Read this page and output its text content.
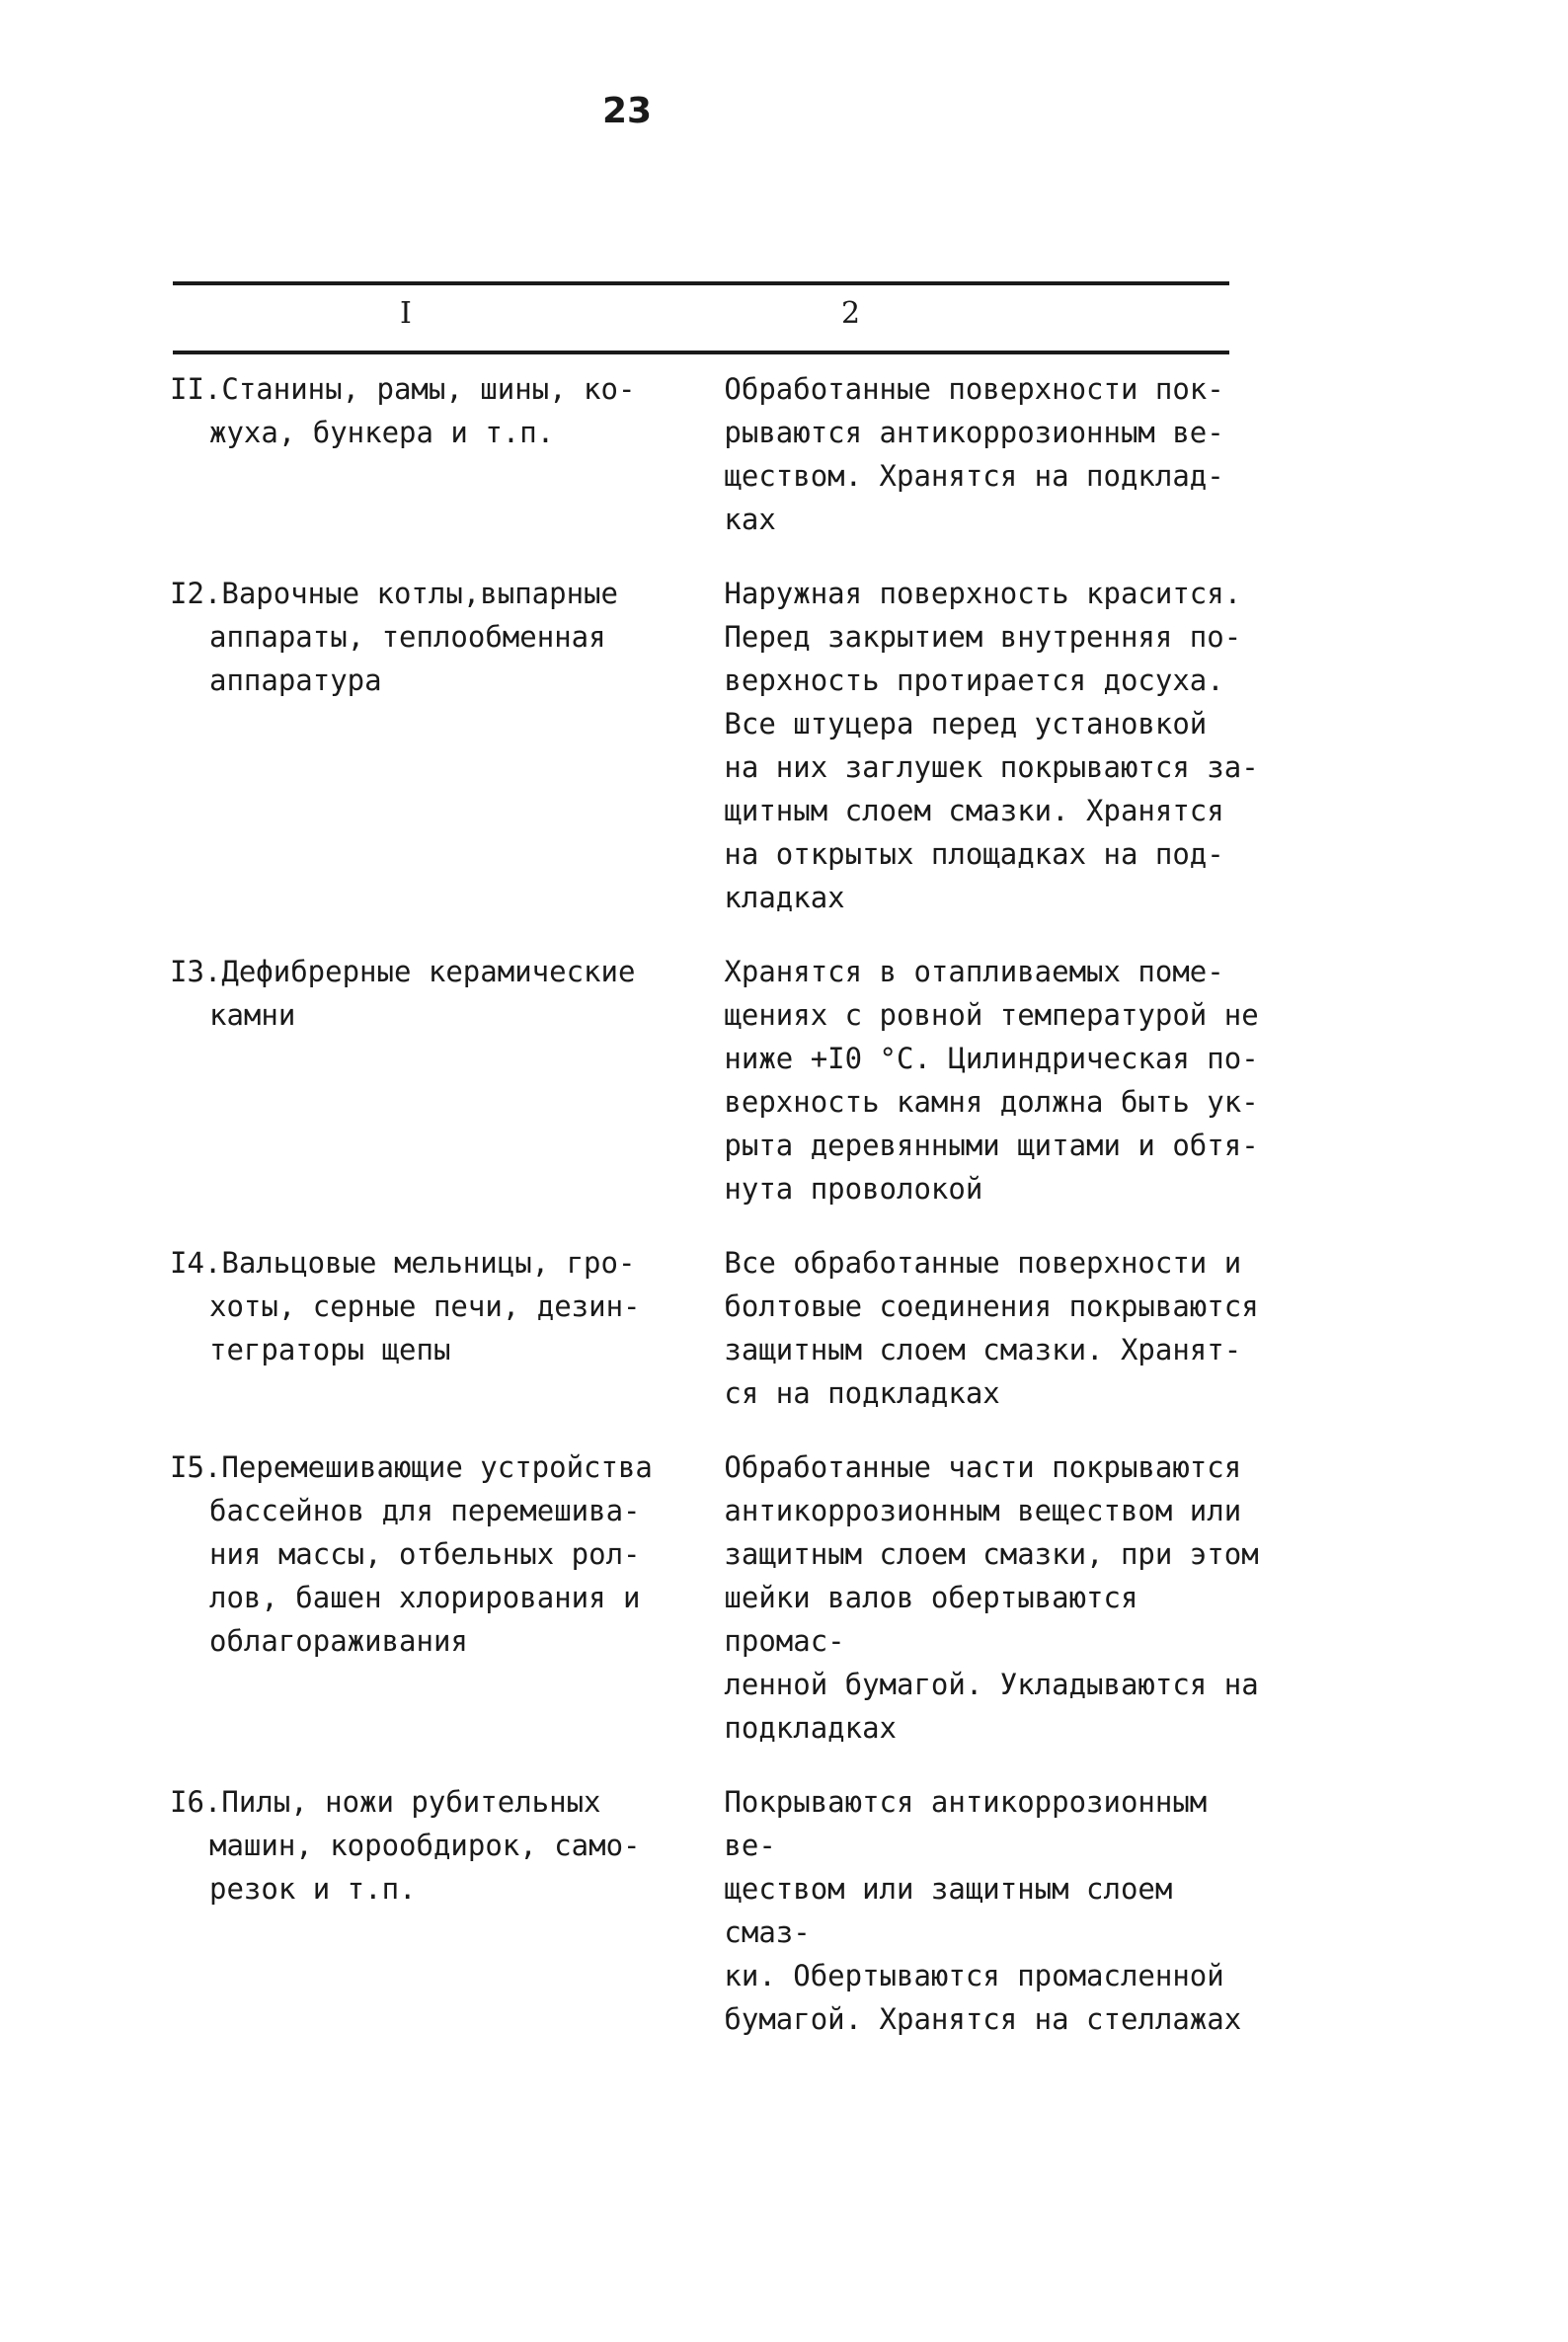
23
I	2
II.Станины, рамы, шины, ко-
жуха, бункера и т.п.
Обработанные поверхности пок-
рываются антикоррозионным ве-
ществом. Хранятся на подклад-
ках
I2.Варочные котлы,выпарные
аппараты, теплообменная
аппаратура
Наружная поверхность красится.
Перед закрытием внутренняя по-
верхность протирается досуха.
Все штуцера перед установкой
на них заглушек покрываются за-
щитным слоем смазки. Хранятся
на открытых площадках на под-
кладках
I3.Дефибрерные керамические
камни
Хранятся в отапливаемых поме-
щениях с ровной температурой не
ниже +I0 °С. Цилиндрическая по-
верхность камня должна быть ук-
рыта деревянными щитами и обтя-
нута проволокой
I4.Вальцовые мельницы, гро-
хоты, серные печи, дезин-
теграторы щепы
Все обработанные поверхности и
болтовые соединения покрываются
защитным слоем смазки. Хранят-
ся на подкладках
I5.Перемешивающие устройства
бассейнов для перемешива-
ния массы, отбельных рол-
лов, башен хлорирования и
облагораживания
Обработанные части покрываются
антикоррозионным веществом или
защитным слоем смазки, при этом
шейки валов обертываются промас-
ленной бумагой. Укладываются на
подкладках
I6.Пилы, ножи рубительных
машин, корообдирок, само-
резок и т.п.
Покрываются антикоррозионным ве-
ществом или защитным слоем смаз-
ки. Обертываются промасленной
бумагой. Хранятся на стеллажах
